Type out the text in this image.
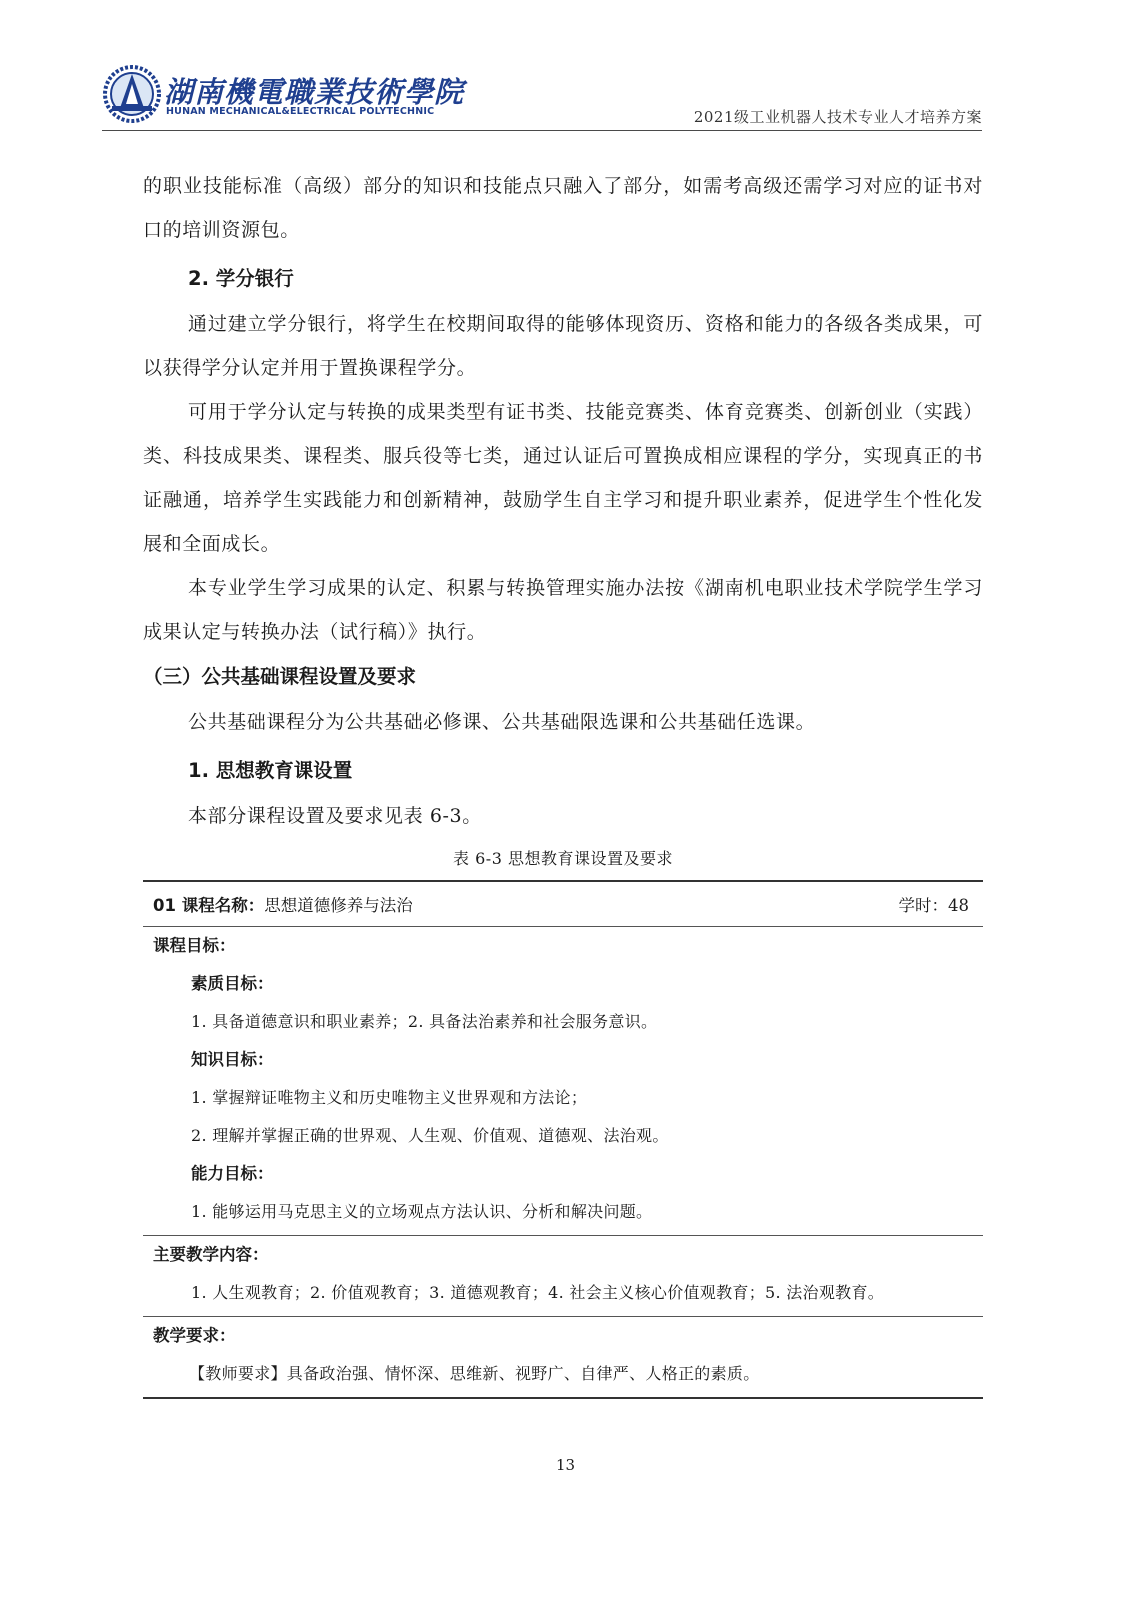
湖南機電職業技術學院
HUNAN MECHANICAL&ELECTRICAL POLYTECHNIC	2021级工业机器人技术专业人才培养方案

的职业技能标准（高级）部分的知识和技能点只融入了部分，如需考高级还需学习对应的证书对口的培训资源包。

2. 学分银行

通过建立学分银行，将学生在校期间取得的能够体现资历、资格和能力的各级各类成果，可以获得学分认定并用于置换课程学分。

可用于学分认定与转换的成果类型有证书类、技能竞赛类、体育竞赛类、创新创业（实践）类、科技成果类、课程类、服兵役等七类，通过认证后可置换成相应课程的学分，实现真正的书证融通，培养学生实践能力和创新精神，鼓励学生自主学习和提升职业素养，促进学生个性化发展和全面成长。

本专业学生学习成果的认定、积累与转换管理实施办法按《湖南机电职业技术学院学生学习成果认定与转换办法（试行稿）》执行。

（三）公共基础课程设置及要求

公共基础课程分为公共基础必修课、公共基础限选课和公共基础任选课。

1. 思想教育课设置

本部分课程设置及要求见表 6-3。

表 6-3 思想教育课设置及要求
01 课程名称：思想道德修养与法治	学时：48
课程目标：
素质目标：
1. 具备道德意识和职业素养；2. 具备法治素养和社会服务意识。
知识目标：
1. 掌握辩证唯物主义和历史唯物主义世界观和方法论；
2. 理解并掌握正确的世界观、人生观、价值观、道德观、法治观。
能力目标：
1. 能够运用马克思主义的立场观点方法认识、分析和解决问题。
主要教学内容：
1. 人生观教育；2. 价值观教育；3. 道德观教育；4. 社会主义核心价值观教育；5. 法治观教育。
教学要求：
【教师要求】具备政治强、情怀深、思维新、视野广、自律严、人格正的素质。
13
